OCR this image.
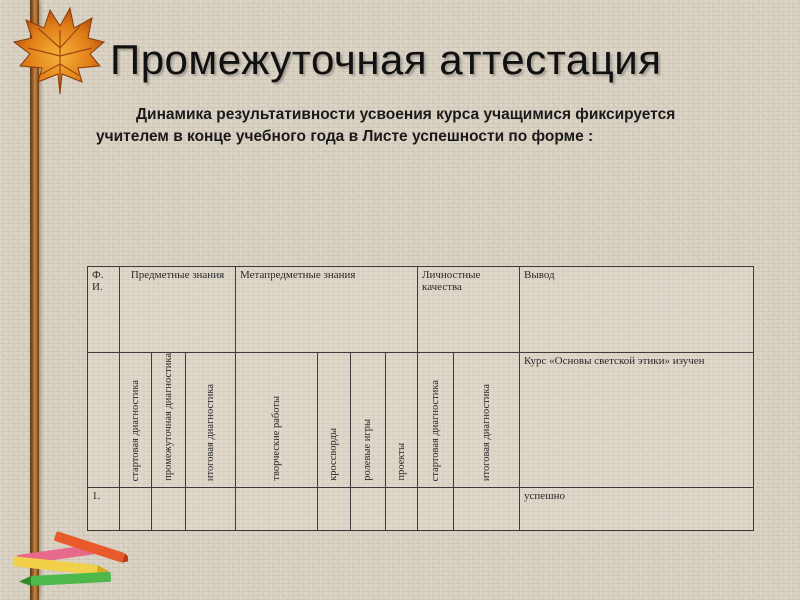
Промежуточная аттестация
Динамика результативности усвоения курса учащимися фиксируется учителем в конце учебного года в Листе успешности по форме :
Ф. И.	Предметные знания			Метапредметные знания				Личностные качества		Вывод

	стартовая диагностика	промежуточная диагностика	итоговая диагностика	творческие работы	кроссворды	ролевые игры	проекты	стартовая диагностика	итоговая диагностика	Курс «Основы светской этики» изучен
1.										успешно
